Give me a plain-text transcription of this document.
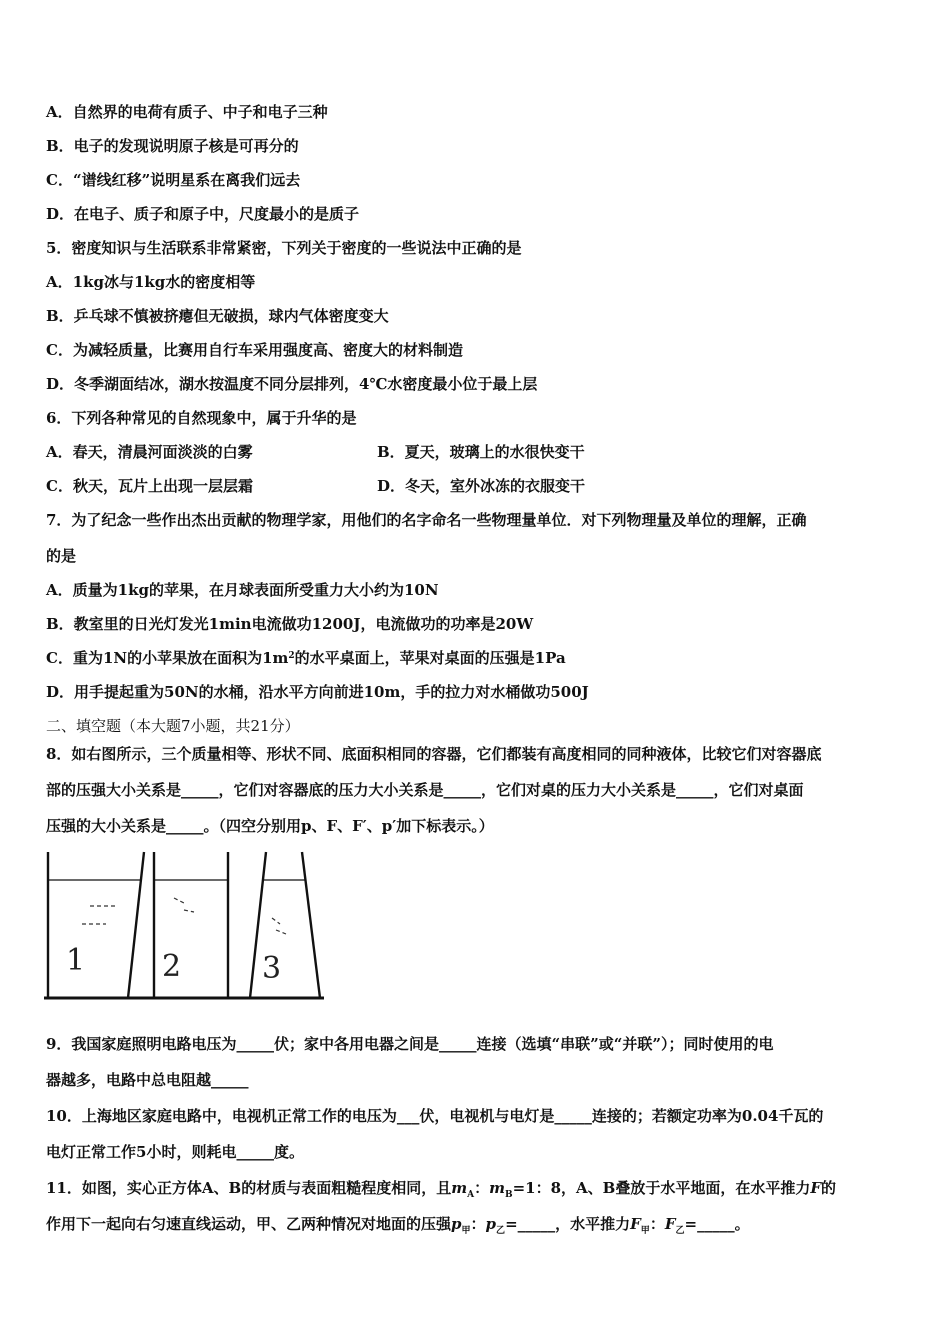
A．自然界的电荷有质子、中子和电子三种
B．电子的发现说明原子核是可再分的
C．“谱线红移”说明星系在离我们远去
D．在电子、质子和原子中，尺度最小的是质子
5．密度知识与生活联系非常紧密，下列关于密度的一些说法中正确的是
A．1kg冰与1kg水的密度相等
B．乒乓球不慎被挤瘪但无破损，球内气体密度变大
C．为减轻质量，比赛用自行车采用强度高、密度大的材料制造
D．冬季湖面结冰，湖水按温度不同分层排列，4℃水密度最小位于最上层
6．下列各种常见的自然现象中，属于升华的是
A．春天，清晨河面淡淡的白雾	B．夏天，玻璃上的水很快变干
C．秋天，瓦片上出现一层层霜	D．冬天，室外冰冻的衣服变干
7．为了纪念一些作出杰出贡献的物理学家，用他们的名字命名一些物理量单位．对下列物理量及单位的理解，正确
的是
A．质量为1kg的苹果，在月球表面所受重力大小约为10N
B．教室里的日光灯发光1min电流做功1200J，电流做功的功率是20W
C．重为1N的小苹果放在面积为$1m^2$的水平桌面上，苹果对桌面的压强是1Pa
D．用手提起重为50N的水桶，沿水平方向前进10m，手的拉力对水桶做功500J
二、填空题（本大题7小题，共21分）
8．如右图所示，三个质量相等、形状不同、底面积相同的容器，它们都装有高度相同的同种液体，比较它们对容器底
部的压强大小关系是_____，它们对容器底的压力大小关系是_____，它们对桌的压力大小关系是_____，它们对桌面
压强的大小关系是_____。（四空分别用p、F、F′、p′加下标表示。）
1	2	3
9．我国家庭照明电路电压为_____伏；家中各用电器之间是_____连接（选填“串联”或“并联”）；同时使用的电
器越多，电路中总电阻越_____
10．上海地区家庭电路中，电视机正常工作的电压为___伏，电视机与电灯是_____连接的；若额定功率为0.04千瓦的
电灯正常工作5小时，则耗电_____度。
11．如图，实心正方体A、B的材质与表面粗糙程度相同，且$m_A$：$m_B=1$：8，A、B叠放于水平地面，在水平推力F的
作用下一起向右匀速直线运动，甲、乙两种情况对地面的压强$p_甲$：$p_乙=\_\_\_\_\_$，水平推力$F_甲$：$F_乙=\_\_\_\_\_$。
